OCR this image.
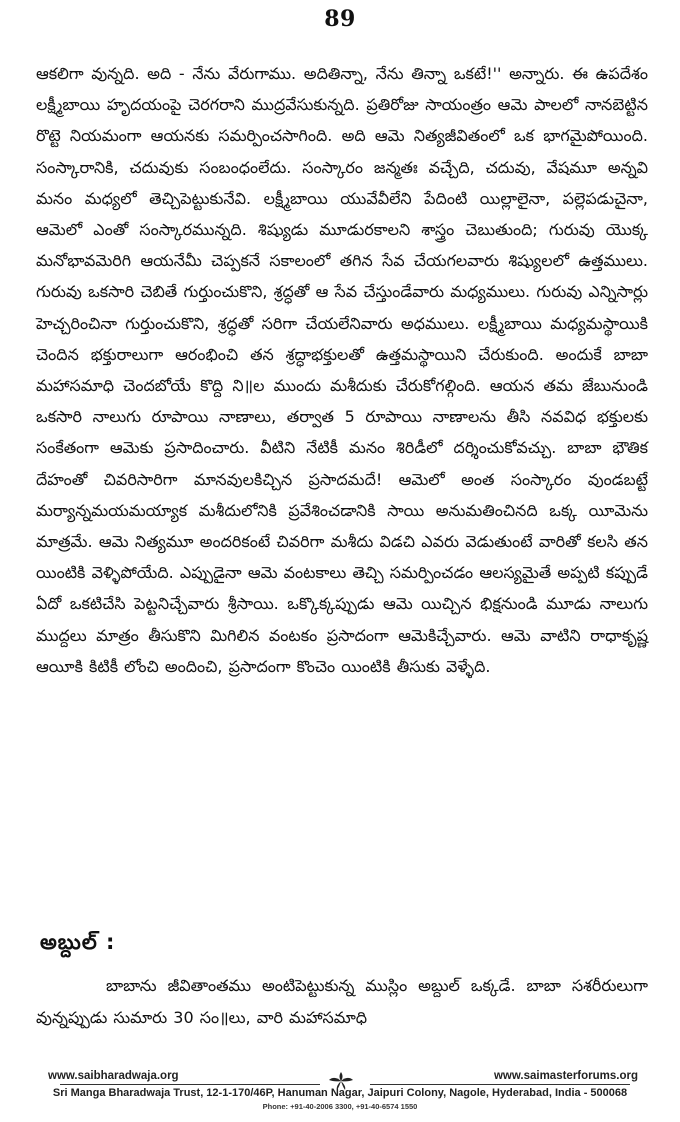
89

ఆకలిగా వున్నది. అది - నేను వేరుగాము. అదితిన్నా, నేను తిన్నా ఒకటే!'' అన్నారు. ఈ ఉపదేశం లక్ష్మీబాయి హృదయంపై చెరగరాని ముద్రవేసుకున్నది. ప్రతిరోజు సాయంత్రం ఆమె పాలలో నానబెట్టిన రొట్టె నియమంగా ఆయనకు సమర్పించసాగింది. అది ఆమె నిత్యజీవితంలో ఒక భాగమైపోయింది. సంస్కారానికి, చదువుకు సంబంధంలేదు. సంస్కారం జన్మతః వచ్చేది, చదువు, వేషమూ అన్నవి మనం మధ్యలో తెచ్చిపెట్టుకునేవి. లక్ష్మీబాయి యువేవీలేని పేదింటి యిల్లాలైనా, పల్లెపడుచైనా, ఆమెలో ఎంతో సంస్కారమున్నది. శిష్యుడు మూడురకాలని శాస్త్రం చెబుతుంది; గురువు యొక్క మనోభావమెరిగి ఆయనేమీ చెప్పకనే సకాలంలో తగిన సేవ చేయగలవారు శిష్యులలో ఉత్తములు. గురువు ఒకసారి చెబితే గుర్తుంచుకొని, శ్రద్ధతో ఆ సేవ చేస్తుండేవారు మధ్యములు. గురువు ఎన్నిసార్లు హెచ్చరించినా గుర్తుంచుకొని, శ్రద్ధతో సరిగా చేయలేనివారు అధములు. లక్ష్మీబాయి మధ్యమస్థాయికి చెందిన భక్తురాలుగా ఆరంభించి తన శ్రద్ధాభక్తులతో ఉత్తమస్థాయిని చేరుకుంది. అందుకే బాబా మహాసమాధి చెందబోయే కొద్ది ని॥ల ముందు మశీదుకు చేరుకోగల్గింది. ఆయన తమ జేబునుండి ఒకసారి నాలుగు రూపాయి నాణాలు, తర్వాత 5 రూపాయి నాణాలను తీసి నవవిధ భక్తులకు సంకేతంగా ఆమెకు ప్రసాదించారు. వీటిని నేటికీ మనం శిరిడీలో దర్శించుకోవచ్చు. బాబా భౌతిక దేహంతో చివరిసారిగా మానవులకిచ్చిన ప్రసాదమదే! ఆమెలో అంత సంస్కారం వుండబట్టే మర్యాన్నమయమయ్యాక మశీదులోనికి ప్రవేశించడానికి సాయి అనుమతించినది ఒక్క యీమెను మాత్రమే. ఆమె నిత్యమూ అందరికంటే చివరిగా మశీదు విడచి ఎవరు వెడుతుంటే వారితో కలసి తన యింటికి వెళ్ళిపోయేది. ఎప్పుడైనా ఆమె వంటకాలు తెచ్చి సమర్పించడం ఆలస్యమైతే అప్పటి కప్పుడే ఏదో ఒకటిచేసి పెట్టనిచ్చేవారు శ్రీసాయి. ఒక్కొక్కప్పుడు ఆమె యిచ్చిన భిక్షనుండి మూడు నాలుగు ముద్దలు మాత్రం తీసుకొని మిగిలిన వంటకం ప్రసాదంగా ఆమెకిచ్చేవారు. ఆమె వాటిని రాధాకృష్ణ ఆయీకి కిటికీ లోంచి అందించి, ప్రసాదంగా కొంచెం యింటికి తీసుకు వెళ్ళేది.

అబ్దుల్ :

బాబాను జీవితాంతము అంటిపెట్టుకున్న ముస్లిం అబ్దుల్ ఒక్కడే. బాబా సశరీరులుగా వున్నప్పుడు సుమారు 30 సం॥లు, వారి మహాసమాధి

www.saibharadwaja.org	www.saimasterforums.org
Sri Manga Bharadwaja Trust, 12-1-170/46P, Hanuman Nagar, Jaipuri Colony, Nagole, Hyderabad, India - 500068
Phone: +91-40-2006 3300, +91-40-6574 1550
